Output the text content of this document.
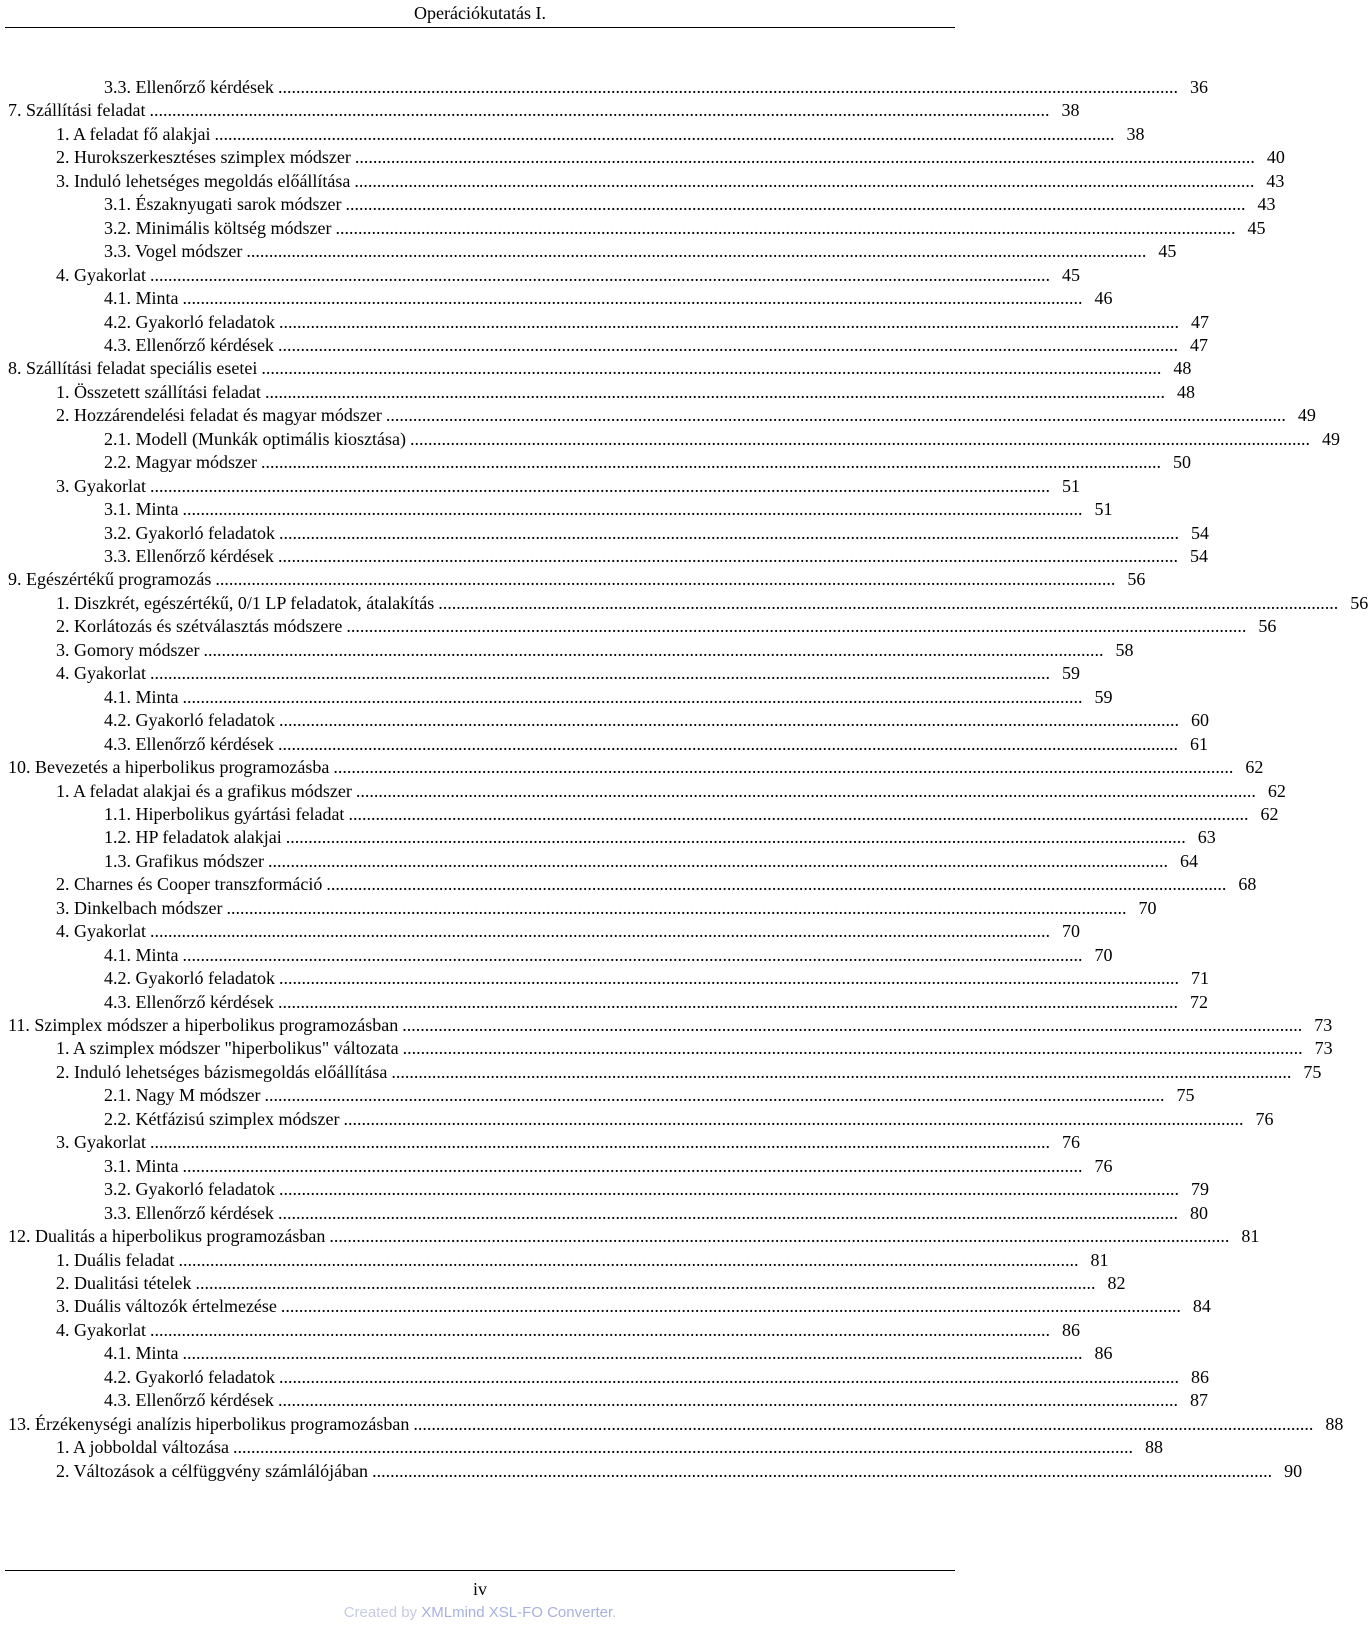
Operációkutatás I.
3.3. Ellenőrző kérdések ........................................................................................................................................................................................................ 36
7. Szállítási feladat ........................................................................................................................................................................................................ 38
1. A feladat fő alakjai ........................................................................................................................................................................................................ 38
2. Hurokszerkesztéses szimplex módszer ........................................................................................................................................................................................................ 40
3. Induló lehetséges megoldás előállítása ........................................................................................................................................................................................................ 43
3.1. Északnyugati sarok módszer ........................................................................................................................................................................................................ 43
3.2. Minimális költség módszer ........................................................................................................................................................................................................ 45
3.3. Vogel módszer ........................................................................................................................................................................................................ 45
4. Gyakorlat ........................................................................................................................................................................................................ 45
4.1. Minta ........................................................................................................................................................................................................ 46
4.2. Gyakorló feladatok ........................................................................................................................................................................................................ 47
4.3. Ellenőrző kérdések ........................................................................................................................................................................................................ 47
8. Szállítási feladat speciális esetei ........................................................................................................................................................................................................ 48
1. Összetett szállítási feladat ........................................................................................................................................................................................................ 48
2. Hozzárendelési feladat és magyar módszer ........................................................................................................................................................................................................ 49
2.1. Modell (Munkák optimális kiosztása) ........................................................................................................................................................................................................ 49
2.2. Magyar módszer ........................................................................................................................................................................................................ 50
3. Gyakorlat ........................................................................................................................................................................................................ 51
3.1. Minta ........................................................................................................................................................................................................ 51
3.2. Gyakorló feladatok ........................................................................................................................................................................................................ 54
3.3. Ellenőrző kérdések ........................................................................................................................................................................................................ 54
9. Egészértékű programozás ........................................................................................................................................................................................................ 56
1. Diszkrét, egészértékű, 0/1 LP feladatok, átalakítás ........................................................................................................................................................................................................ 56
2. Korlátozás és szétválasztás módszere ........................................................................................................................................................................................................ 56
3. Gomory módszer ........................................................................................................................................................................................................ 58
4. Gyakorlat ........................................................................................................................................................................................................ 59
4.1. Minta ........................................................................................................................................................................................................ 59
4.2. Gyakorló feladatok ........................................................................................................................................................................................................ 60
4.3. Ellenőrző kérdések ........................................................................................................................................................................................................ 61
10. Bevezetés a hiperbolikus programozásba ........................................................................................................................................................................................................ 62
1. A feladat alakjai és a grafikus módszer ........................................................................................................................................................................................................ 62
1.1. Hiperbolikus gyártási feladat ........................................................................................................................................................................................................ 62
1.2. HP feladatok alakjai ........................................................................................................................................................................................................ 63
1.3. Grafikus módszer ........................................................................................................................................................................................................ 64
2. Charnes és Cooper transzformáció ........................................................................................................................................................................................................ 68
3. Dinkelbach módszer ........................................................................................................................................................................................................ 70
4. Gyakorlat ........................................................................................................................................................................................................ 70
4.1. Minta ........................................................................................................................................................................................................ 70
4.2. Gyakorló feladatok ........................................................................................................................................................................................................ 71
4.3. Ellenőrző kérdések ........................................................................................................................................................................................................ 72
11. Szimplex módszer a hiperbolikus programozásban ........................................................................................................................................................................................................ 73
1. A szimplex módszer "hiperbolikus" változata ........................................................................................................................................................................................................ 73
2. Induló lehetséges bázismegoldás előállítása ........................................................................................................................................................................................................ 75
2.1. Nagy M módszer ........................................................................................................................................................................................................ 75
2.2. Kétfázisú szimplex módszer ........................................................................................................................................................................................................ 76
3. Gyakorlat ........................................................................................................................................................................................................ 76
3.1. Minta ........................................................................................................................................................................................................ 76
3.2. Gyakorló feladatok ........................................................................................................................................................................................................ 79
3.3. Ellenőrző kérdések ........................................................................................................................................................................................................ 80
12. Dualitás a hiperbolikus programozásban ........................................................................................................................................................................................................ 81
1. Duális feladat ........................................................................................................................................................................................................ 81
2. Dualitási tételek ........................................................................................................................................................................................................ 82
3. Duális változók értelmezése ........................................................................................................................................................................................................ 84
4. Gyakorlat ........................................................................................................................................................................................................ 86
4.1. Minta ........................................................................................................................................................................................................ 86
4.2. Gyakorló feladatok ........................................................................................................................................................................................................ 86
4.3. Ellenőrző kérdések ........................................................................................................................................................................................................ 87
13. Érzékenységi analízis hiperbolikus programozásban ........................................................................................................................................................................................................ 88
1. A jobboldal változása ........................................................................................................................................................................................................ 88
2. Változások a célfüggvény számlálójában ........................................................................................................................................................................................................ 90
iv
Created by XMLmind XSL-FO Converter.
